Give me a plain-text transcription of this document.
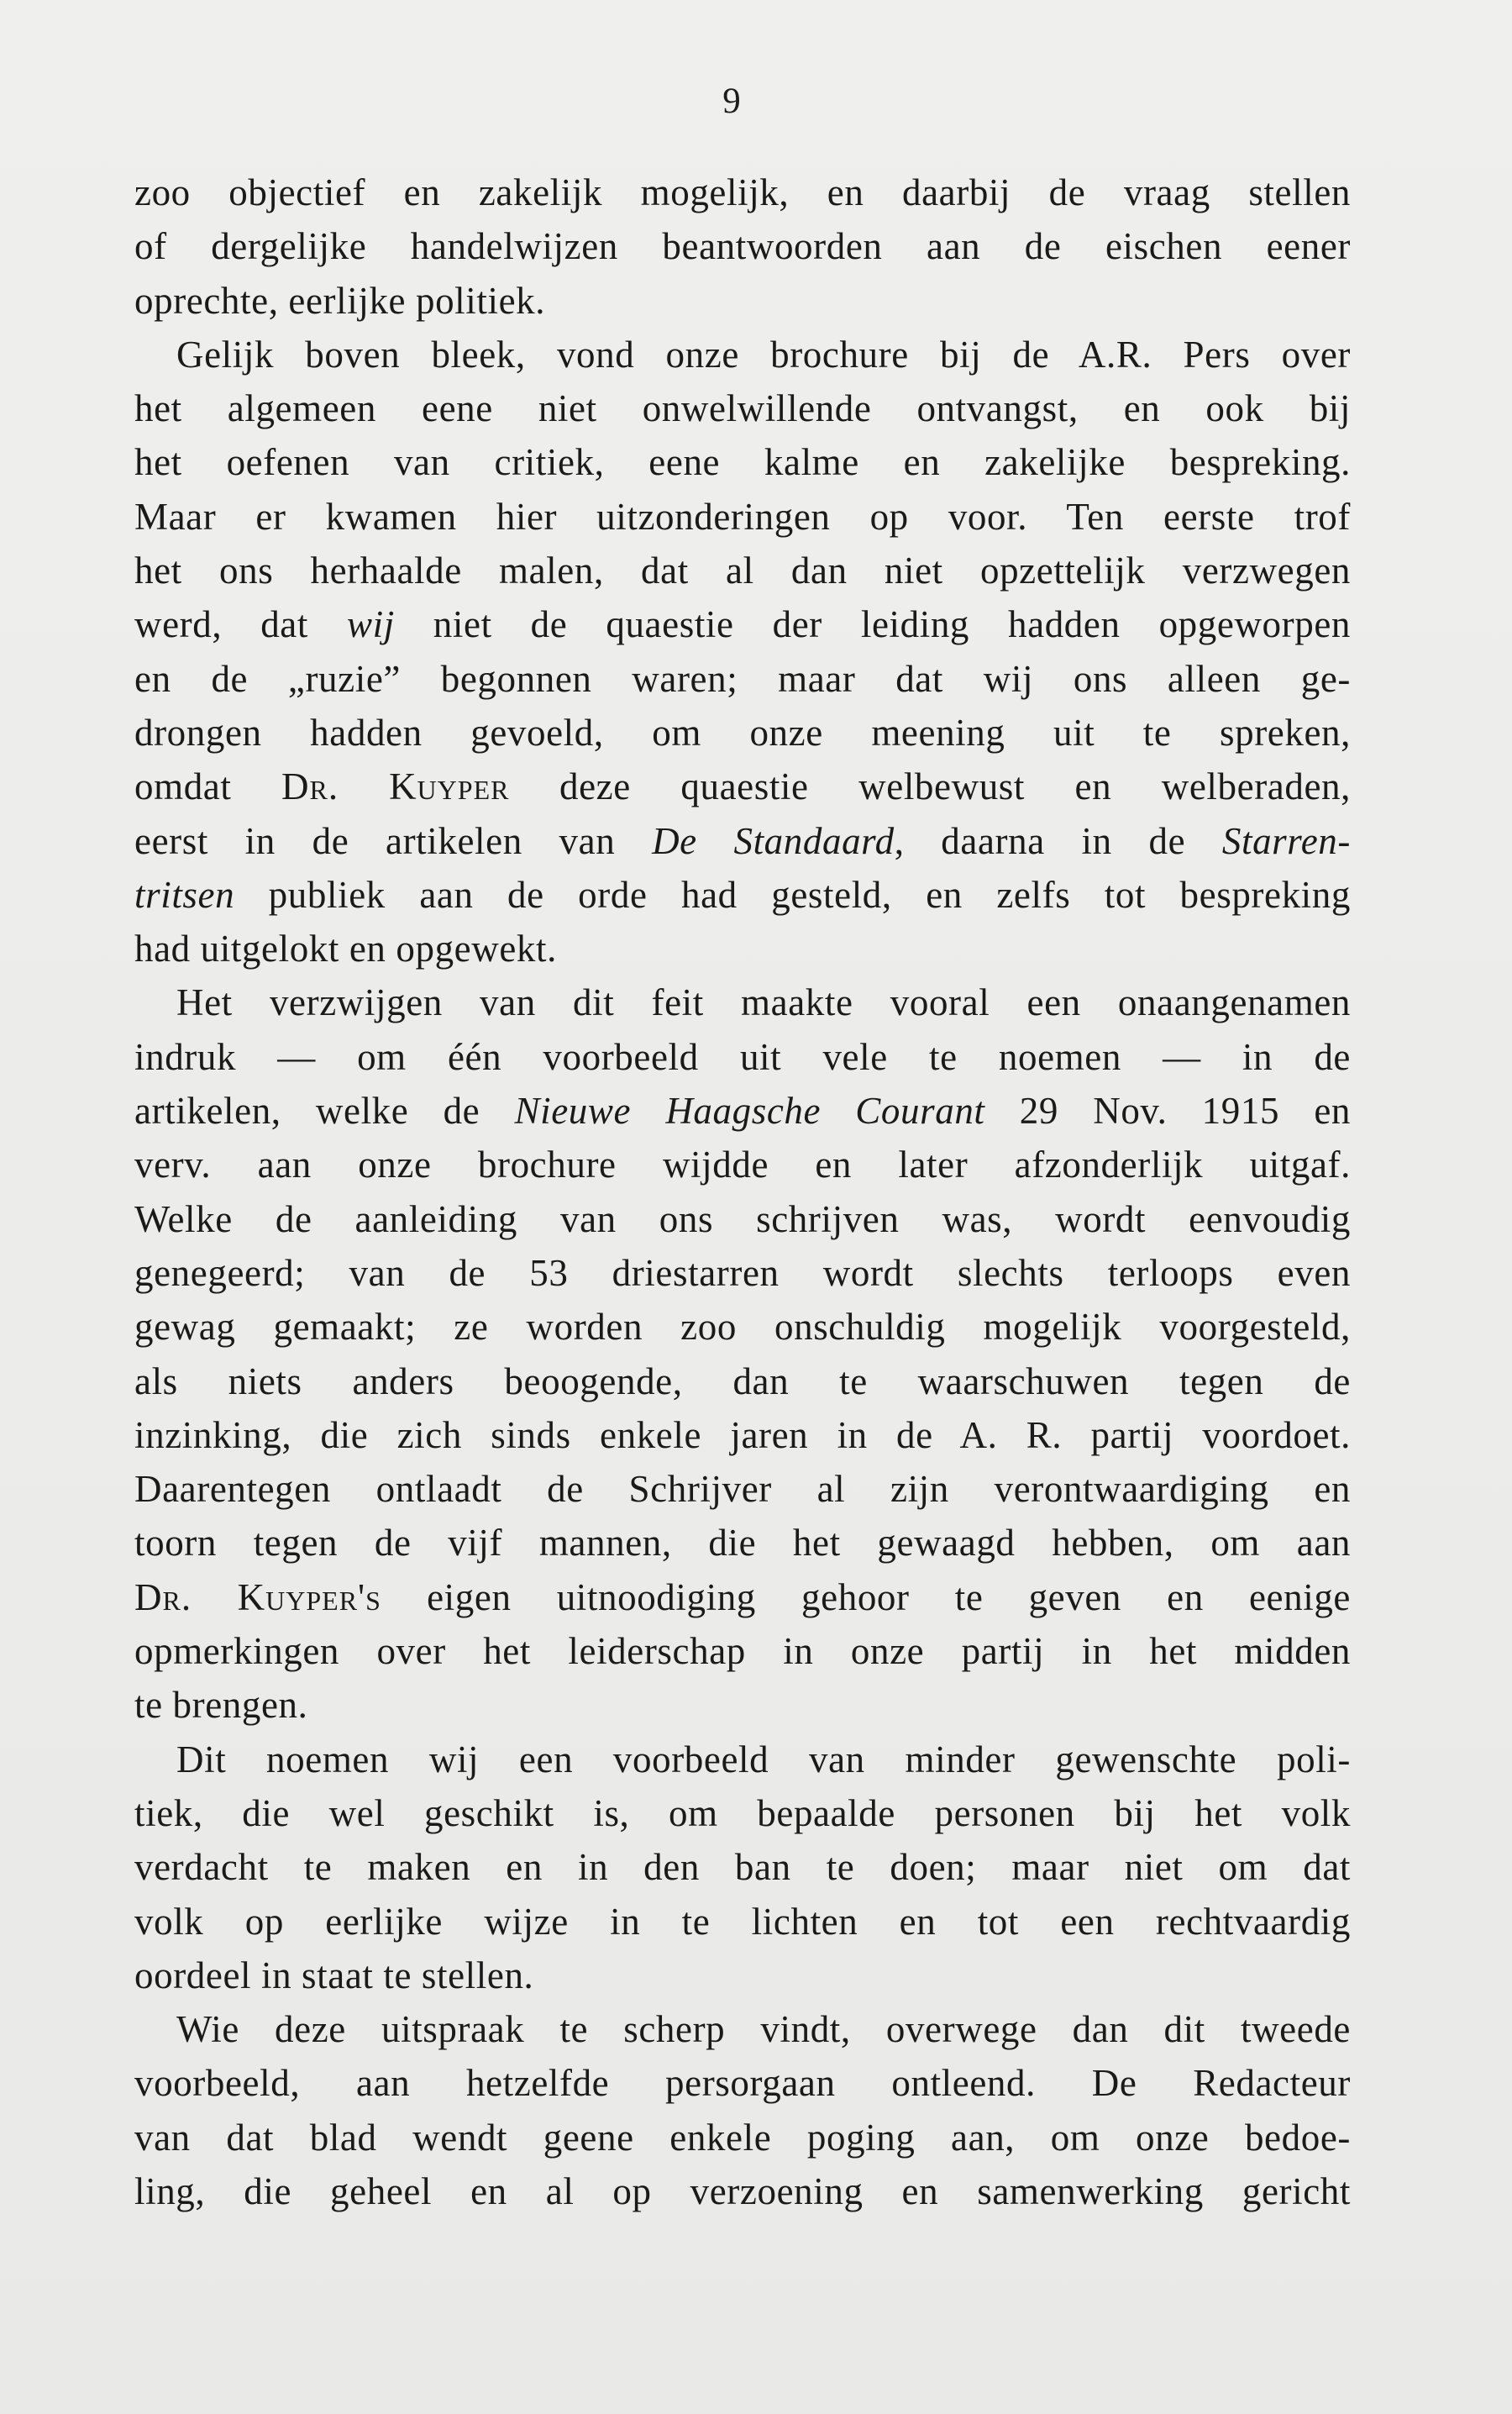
9
zoo objectief en zakelijk mogelijk, en daarbij de vraag stellen
of dergelijke handelwijzen beantwoorden aan de eischen eener
oprechte, eerlijke politiek.
Gelijk boven bleek, vond onze brochure bij de A.R. Pers over
het algemeen eene niet onwelwillende ontvangst, en ook bij
het oefenen van critiek, eene kalme en zakelijke bespreking.
Maar er kwamen hier uitzonderingen op voor. Ten eerste trof
het ons herhaalde malen, dat al dan niet opzettelijk verzwegen
werd, dat wij niet de quaestie der leiding hadden opgeworpen
en de „ruzie” begonnen waren; maar dat wij ons alleen ge-
drongen hadden gevoeld, om onze meening uit te spreken,
omdat Dr. Kuyper deze quaestie welbewust en welberaden,
eerst in de artikelen van De Standaard, daarna in de Starren-
tritsen publiek aan de orde had gesteld, en zelfs tot bespreking
had uitgelokt en opgewekt.
Het verzwijgen van dit feit maakte vooral een onaangenamen
indruk — om één voorbeeld uit vele te noemen — in de
artikelen, welke de Nieuwe Haagsche Courant 29 Nov. 1915 en
verv. aan onze brochure wijdde en later afzonderlijk uitgaf.
Welke de aanleiding van ons schrijven was, wordt eenvoudig
genegeerd; van de 53 driestarren wordt slechts terloops even
gewag gemaakt; ze worden zoo onschuldig mogelijk voorgesteld,
als niets anders beoogende, dan te waarschuwen tegen de
inzinking, die zich sinds enkele jaren in de A. R. partij voordoet.
Daarentegen ontlaadt de Schrijver al zijn verontwaardiging en
toorn tegen de vijf mannen, die het gewaagd hebben, om aan
Dr. Kuyper's eigen uitnoodiging gehoor te geven en eenige
opmerkingen over het leiderschap in onze partij in het midden
te brengen.
Dit noemen wij een voorbeeld van minder gewenschte poli-
tiek, die wel geschikt is, om bepaalde personen bij het volk
verdacht te maken en in den ban te doen; maar niet om dat
volk op eerlijke wijze in te lichten en tot een rechtvaardig
oordeel in staat te stellen.
Wie deze uitspraak te scherp vindt, overwege dan dit tweede
voorbeeld, aan hetzelfde persorgaan ontleend. De Redacteur
van dat blad wendt geene enkele poging aan, om onze bedoe-
ling, die geheel en al op verzoening en samenwerking gericht
